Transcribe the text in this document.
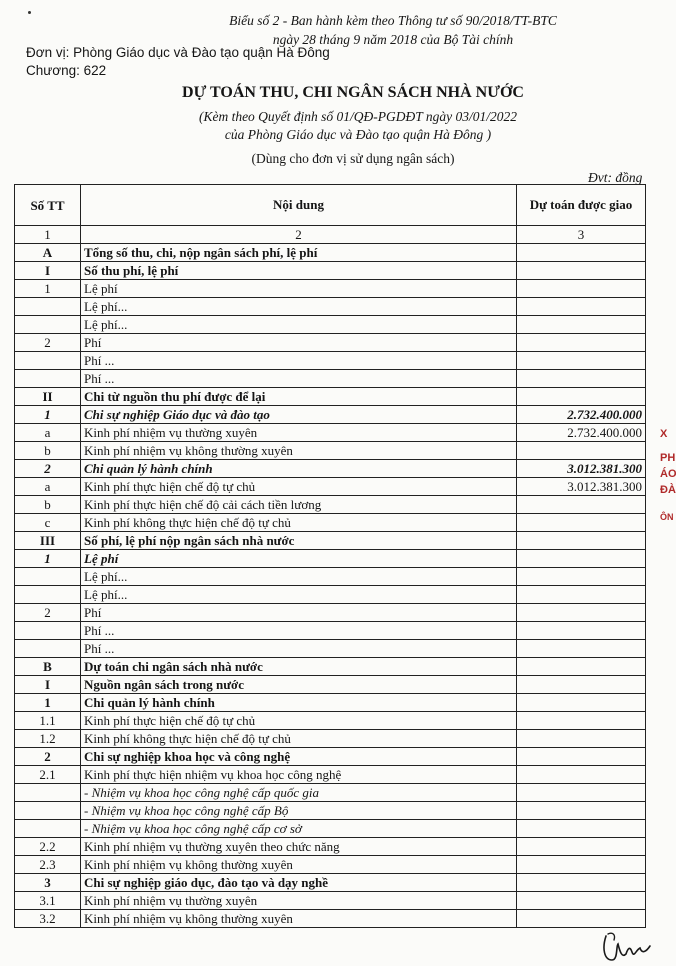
Biểu số 2 - Ban hành kèm theo Thông tư số 90/2018/TT-BTC
ngày 28 tháng 9 năm 2018 của Bộ Tài chính
Đơn vị: Phòng Giáo dục và Đào tạo quận Hà Đông
Chương: 622
DỰ TOÁN THU, CHI NGÂN SÁCH NHÀ NƯỚC
(Kèm theo Quyết định số 01/QĐ-PGDĐT ngày 03/01/2022
của Phòng Giáo dục và Đào tạo quận Hà Đông )
(Dùng cho đơn vị sử dụng ngân sách)
Đvt: đồng
Số TT	Nội dung	Dự toán được giao
1	2	3
A	Tổng số thu, chi, nộp ngân sách phí, lệ phí	
I	Số thu phí, lệ phí	
1	Lệ phí	
	Lệ phí...	
	Lệ phí...	
2	Phí	
	Phí ...	
	Phí ...	
II	Chi từ nguồn thu phí được để lại	
1	Chi sự nghiệp Giáo dục và đào tạo	2.732.400.000
a	Kinh phí nhiệm vụ thường xuyên	2.732.400.000
b	Kinh phí nhiệm vụ không thường xuyên	
2	Chi quản lý hành chính	3.012.381.300
a	Kinh phí thực hiện chế độ tự chủ	3.012.381.300
b	Kinh phí thực hiện chế độ cải cách tiền lương	
c	Kinh phí không thực hiện chế độ tự chủ	
III	Số phí, lệ phí nộp ngân sách nhà nước	
1	Lệ phí	
	Lệ phí...	
	Lệ phí...	
2	Phí	
	Phí ...	
	Phí ...	
B	Dự toán chi ngân sách nhà nước	
I	Nguồn ngân sách trong nước	
1	Chi quản lý hành chính	
1.1	Kinh phí thực hiện chế độ tự chủ	
1.2	Kinh phí không thực hiện chế độ tự chủ	
2	Chi sự nghiệp khoa học và công nghệ	
2.1	Kinh phí thực hiện nhiệm vụ khoa học công nghệ	
	- Nhiệm vụ khoa học công nghệ cấp quốc gia	
	- Nhiệm vụ khoa học công nghệ cấp Bộ	
	- Nhiệm vụ khoa học công nghệ cấp cơ sở	
2.2	Kinh phí nhiệm vụ thường xuyên theo chức năng	
2.3	Kinh phí nhiệm vụ không thường xuyên	
3	Chi sự nghiệp giáo dục, đào tạo và dạy nghề	
3.1	Kinh phí nhiệm vụ thường xuyên	
3.2	Kinh phí nhiệm vụ không thường xuyên	
X
PH
ÁO
ĐÀ
ÔN
